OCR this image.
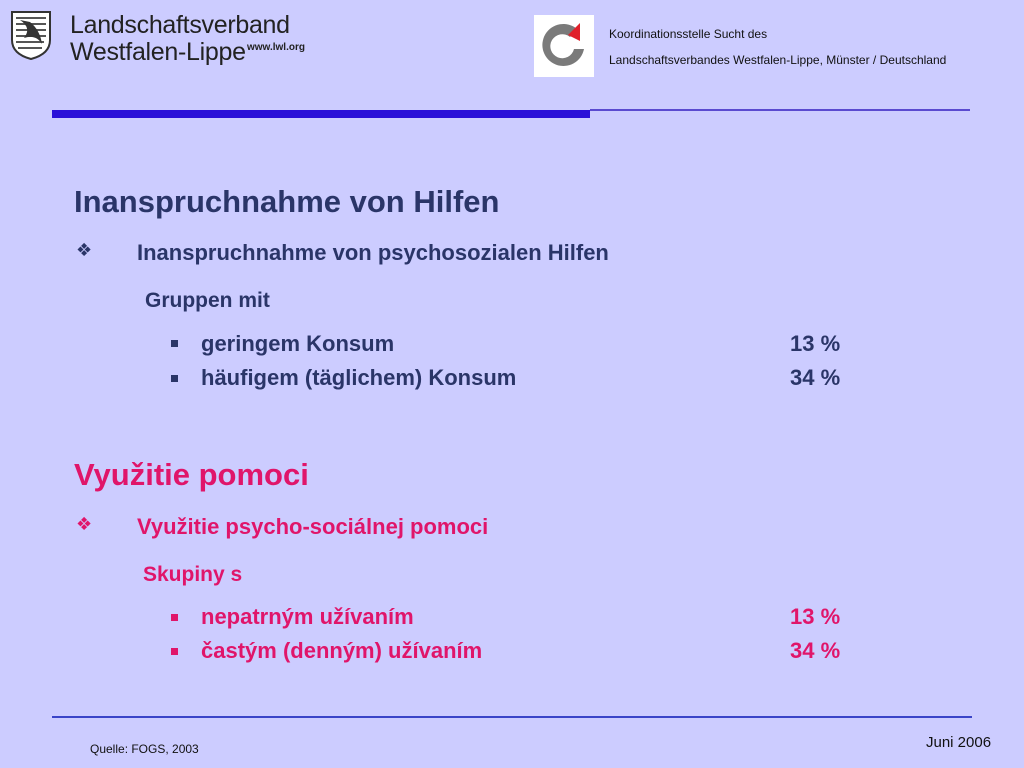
Landschaftsverband
Westfalen-Lippe www.lwl.org
Koordinationsstelle Sucht des
Landschaftsverbandes Westfalen-Lippe, Münster / Deutschland
Inanspruchnahme von Hilfen
❖ Inanspruchnahme von psychosozialen Hilfen
Gruppen mit
geringem Konsum	13 %
häufigem (täglichem) Konsum	34 %
Využitie pomoci
❖ Využitie psycho-sociálnej pomoci
Skupiny s
nepatrným užívaním	13 %
častým (denným) užívaním	34 %
Quelle: FOGS, 2003	Juni 2006
